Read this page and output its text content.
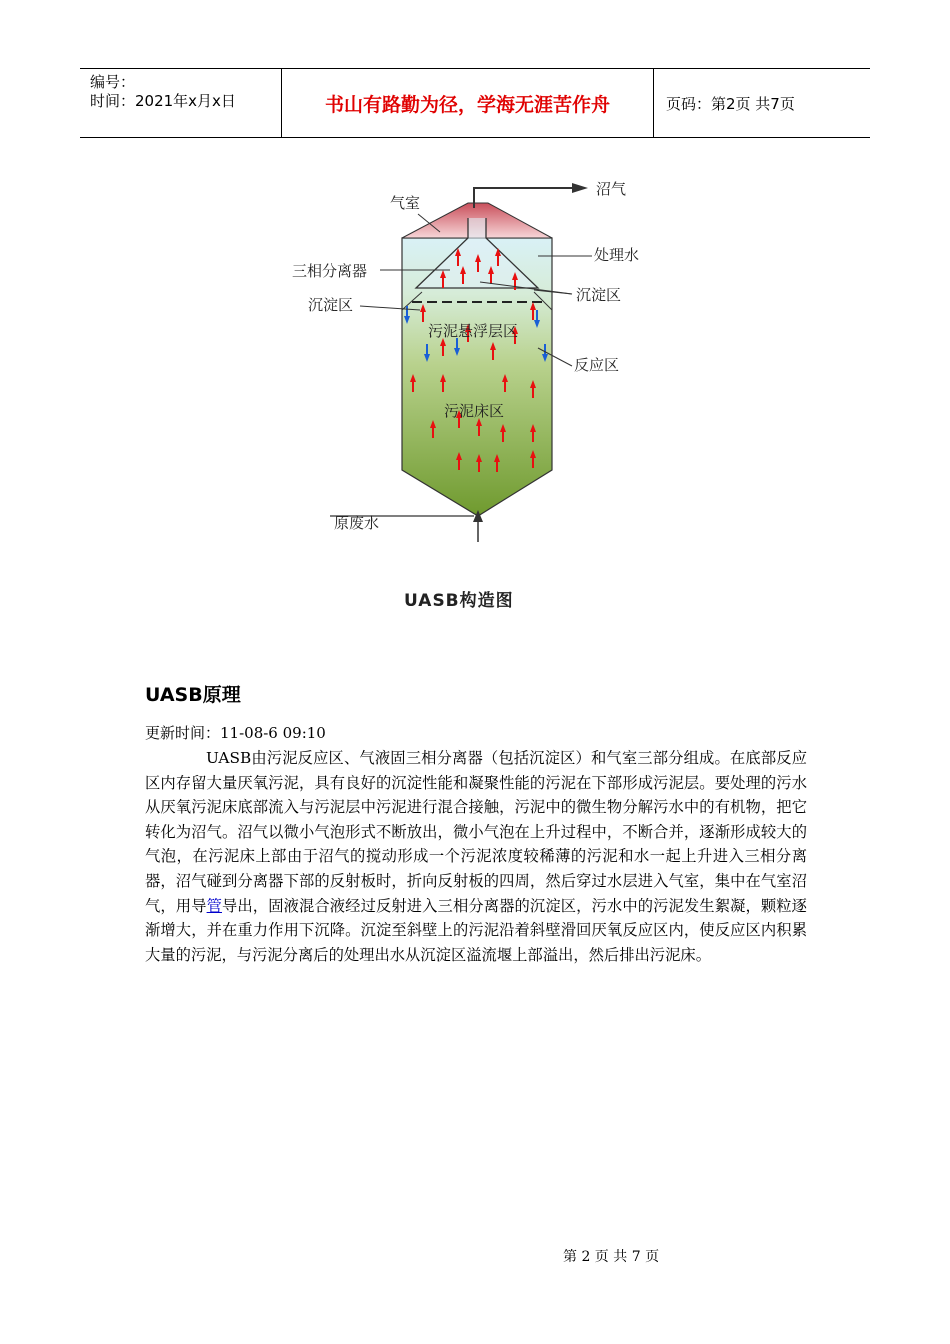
编号：
时间：2021年x月x日	书山有路勤为径，学海无涯苦作舟	页码：第2页 共7页
沼气
气室
处理水
三相分离器
沉淀区
沉淀区
污泥悬浮层区
反应区
污泥床区
原废水
UASB构造图
UASB原理
更新时间：11-08-6 09:10

UASB由污泥反应区、气液固三相分离器（包括沉淀区）和气室三部分组成。在底部反应区内存留大量厌氧污泥，具有良好的沉淀性能和凝聚性能的污泥在下部形成污泥层。要处理的污水从厌氧污泥床底部流入与污泥层中污泥进行混合接触，污泥中的微生物分解污水中的有机物，把它转化为沼气。沼气以微小气泡形式不断放出，微小气泡在上升过程中，不断合并，逐渐形成较大的气泡，在污泥床上部由于沼气的搅动形成一个污泥浓度较稀薄的污泥和水一起上升进入三相分离器，沼气碰到分离器下部的反射板时，折向反射板的四周，然后穿过水层进入气室，集中在气室沼气，用导管导出，固液混合液经过反射进入三相分离器的沉淀区，污水中的污泥发生絮凝，颗粒逐渐增大，并在重力作用下沉降。沉淀至斜壁上的污泥沿着斜壁滑回厌氧反应区内，使反应区内积累大量的污泥，与污泥分离后的处理出水从沉淀区溢流堰上部溢出，然后排出污泥床。

第 2 页 共 7 页
